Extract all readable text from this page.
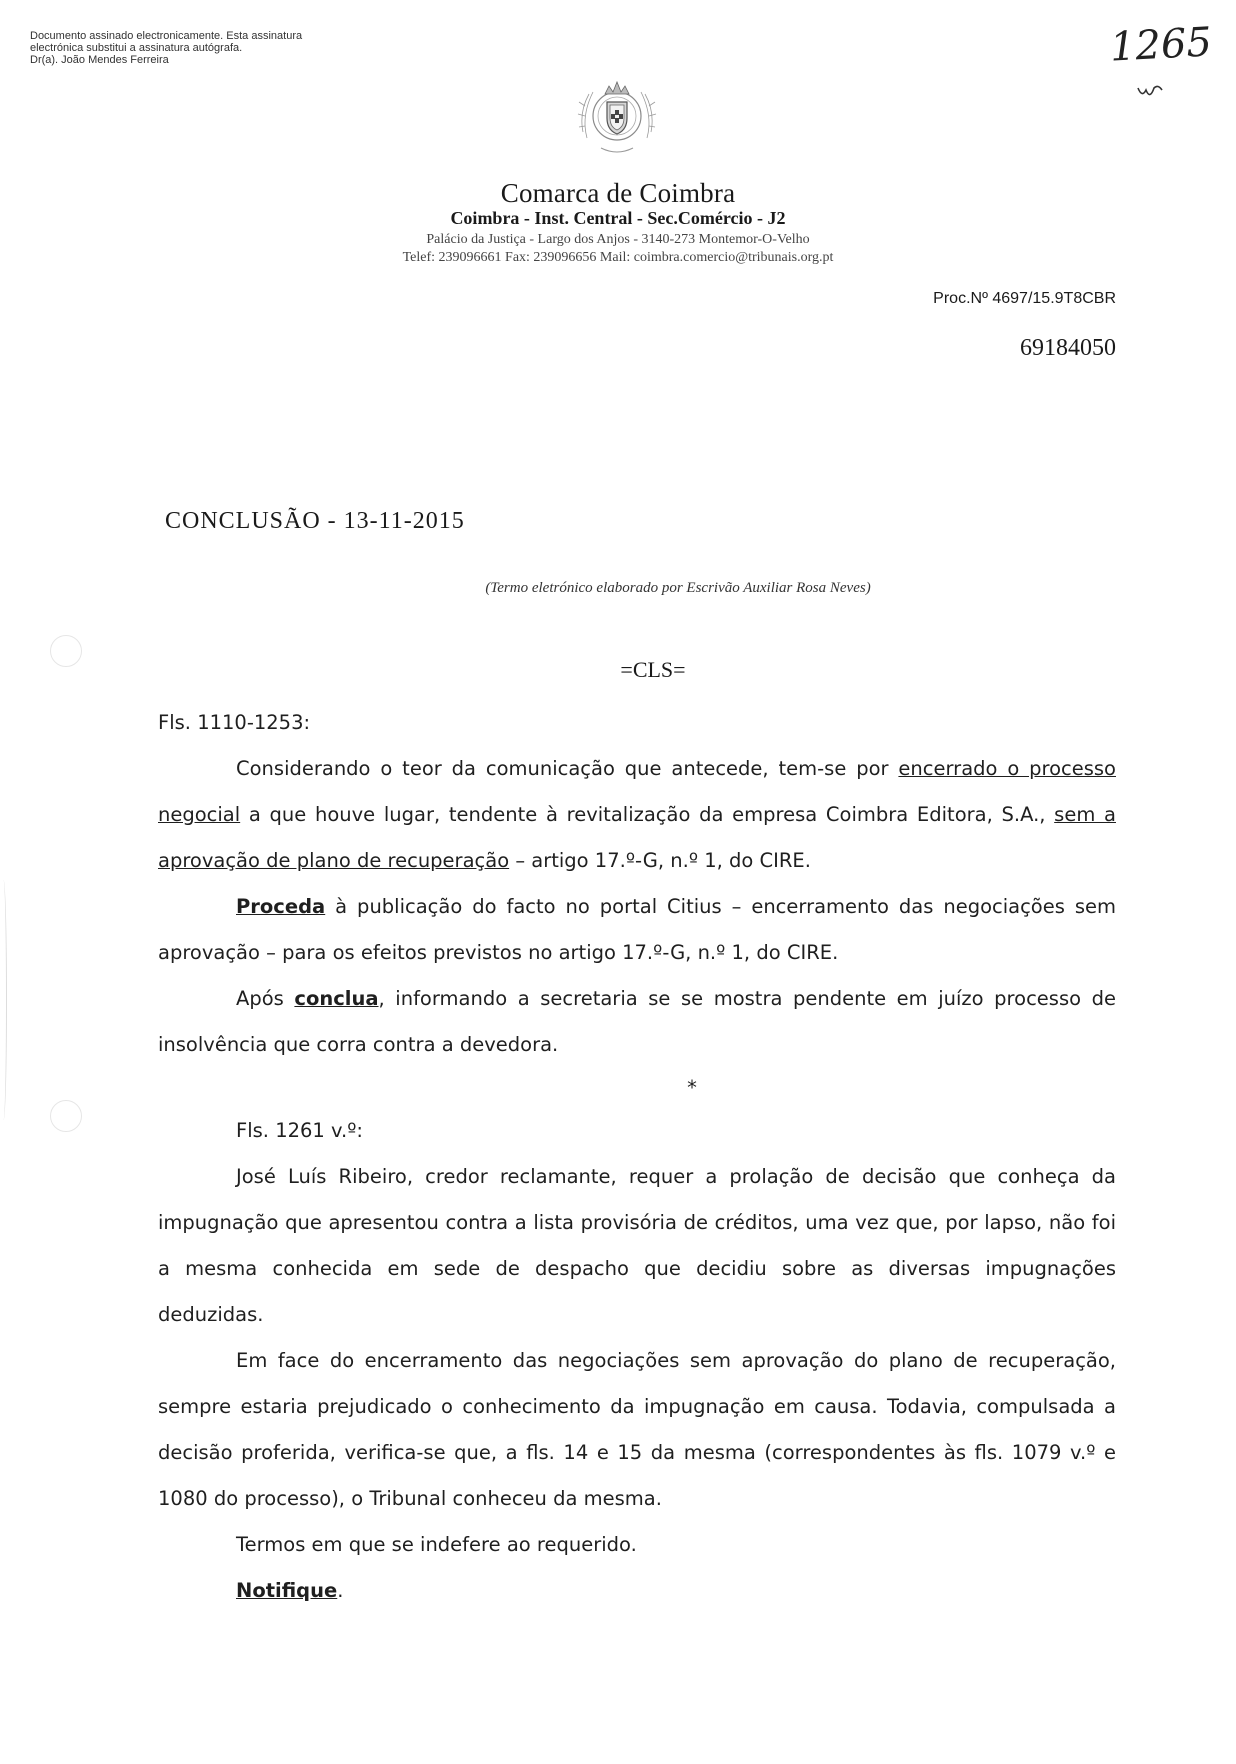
Documento assinado electronicamente. Esta assinatura
electrónica substitui a assinatura autógrafa.
Dr(a). João Mendes Ferreira	1265
Comarca de Coimbra
Coimbra - Inst. Central - Sec.Comércio - J2
Palácio da Justiça - Largo dos Anjos - 3140-273 Montemor-O-Velho
Telef: 239096661 Fax: 239096656 Mail: coimbra.comercio@tribunais.org.pt
Proc.Nº 4697/15.9T8CBR
69184050
CONCLUSÃO - 13-11-2015
(Termo eletrónico elaborado por Escrivão Auxiliar Rosa Neves)
=CLS=

Fls. 1110-1253:

Considerando o teor da comunicação que antecede, tem-se por encerrado o processo negocial a que houve lugar, tendente à revitalização da empresa Coimbra Editora, S.A., sem a aprovação de plano de recuperação – artigo 17.º-G, n.º 1, do CIRE.

Proceda à publicação do facto no portal Citius – encerramento das negociações sem aprovação – para os efeitos previstos no artigo 17.º-G, n.º 1, do CIRE.

Após conclua, informando a secretaria se se mostra pendente em juízo processo de insolvência que corra contra a devedora.

*

Fls. 1261 v.º:

José Luís Ribeiro, credor reclamante, requer a prolação de decisão que conheça da impugnação que apresentou contra a lista provisória de créditos, uma vez que, por lapso, não foi a mesma conhecida em sede de despacho que decidiu sobre as diversas impugnações deduzidas.

Em face do encerramento das negociações sem aprovação do plano de recuperação, sempre estaria prejudicado o conhecimento da impugnação em causa. Todavia, compulsada a decisão proferida, verifica-se que, a fls. 14 e 15 da mesma (correspondentes às fls. 1079 v.º e 1080 do processo), o Tribunal conheceu da mesma.

Termos em que se indefere ao requerido.

Notifique.
